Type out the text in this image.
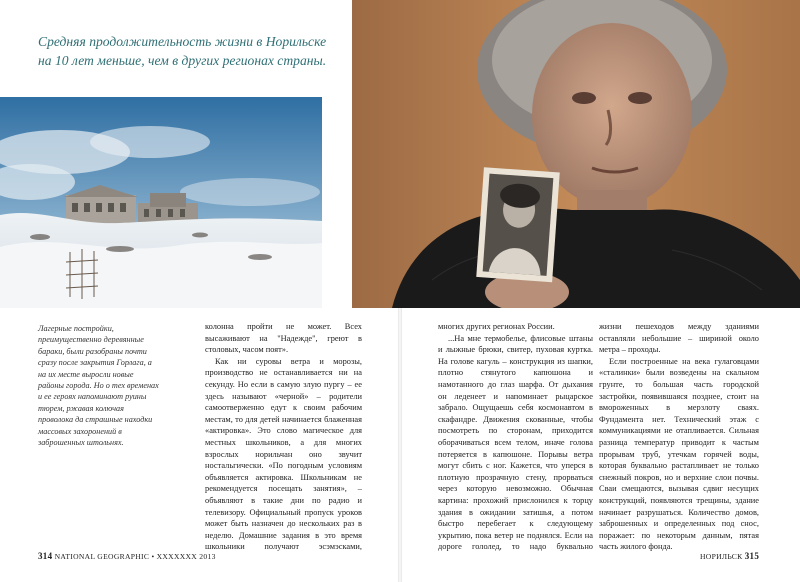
Средняя продолжительность жизни в Норильске на 10 лет меньше, чем в других регионах страны.
Лагерные постройки, преимущественно деревянные бараки, были разобраны почти сразу после закрытия Горлага, а на их месте выросли новые районы города. Но о тех временах и ее героях напоминают руины тюрем, ржавая колючая проволока да страшные находки массовых захоронений в заброшенных штольнях.

колонна пройти не может. Всех высаживают на "Надежде", греют в столовых, часом поят».

Как ни суровы ветра и морозы, производство не останавливается ни на секунду. Но если в самую злую пургу – ее здесь называют «черной» – родители самоотверженно едут к своим рабочим местам, то для детей начинается блаженная «актировка». Это слово магическое для местных школьников, а для многих взрослых норильчан оно звучит ностальгически. «По погодным условиям объявляется актировка. Школьникам не рекомендуется посещать занятия», – объявляют в такие дни по радио и телевизору. Официальный пропуск уроков может быть назначен до нескольких раз в неделю. Домашние задания в это время школьники получают эсэмэсками,

многих других регионах России.

...На мне термобелье, флисовые штаны и лыжные брюки, свитер, пуховая куртка. На голове кагуль – конструкция из шапки, плотно стянутого капюшона и намотанного до глаз шарфа. От дыхания он леденеет и напоминает рыцарское забрало. Ощущаешь себя космонавтом в скафандре. Движения скованные, чтобы посмотреть по сторонам, приходится оборачиваться всем телом, иначе голова потеряется в капюшоне. Порывы ветра могут сбить с ног. Кажется, что уперся в плотную прозрачную стену, прорваться через которую невозможно. Обычная картина: прохожий прислонился к торцу здания в ожидании затишья, а потом быстро перебегает к следующему укрытию, пока ветер не поднялся. Если на дороге гололед, то надо буквально

жизни пешеходов между зданиями оставляли небольшие – шириной около метра – проходы.

Если построенные на века гулаговцами «сталинки» были возведены на скальном грунте, то большая часть городской застройки, появившаяся позднее, стоит на вмороженных в мерзлоту сваях. Фундамента нет. Технический этаж с коммуникациями не отапливается. Сильная разница температур приводит к частым прорывам труб, утечкам горячей воды, которая буквально растапливает не только снежный покров, но и верхние слои почвы. Сваи смещаются, вызывая сдвиг несущих конструкций, появляются трещины, здание начинает разрушаться. Количество домов, заброшенных и определенных под снос, поражает: по некоторым данным, пятая часть жилого фонда.

314 NATIONAL GEOGRAPHIC • XXXXXXX 2013	НОРИЛЬСК 315
